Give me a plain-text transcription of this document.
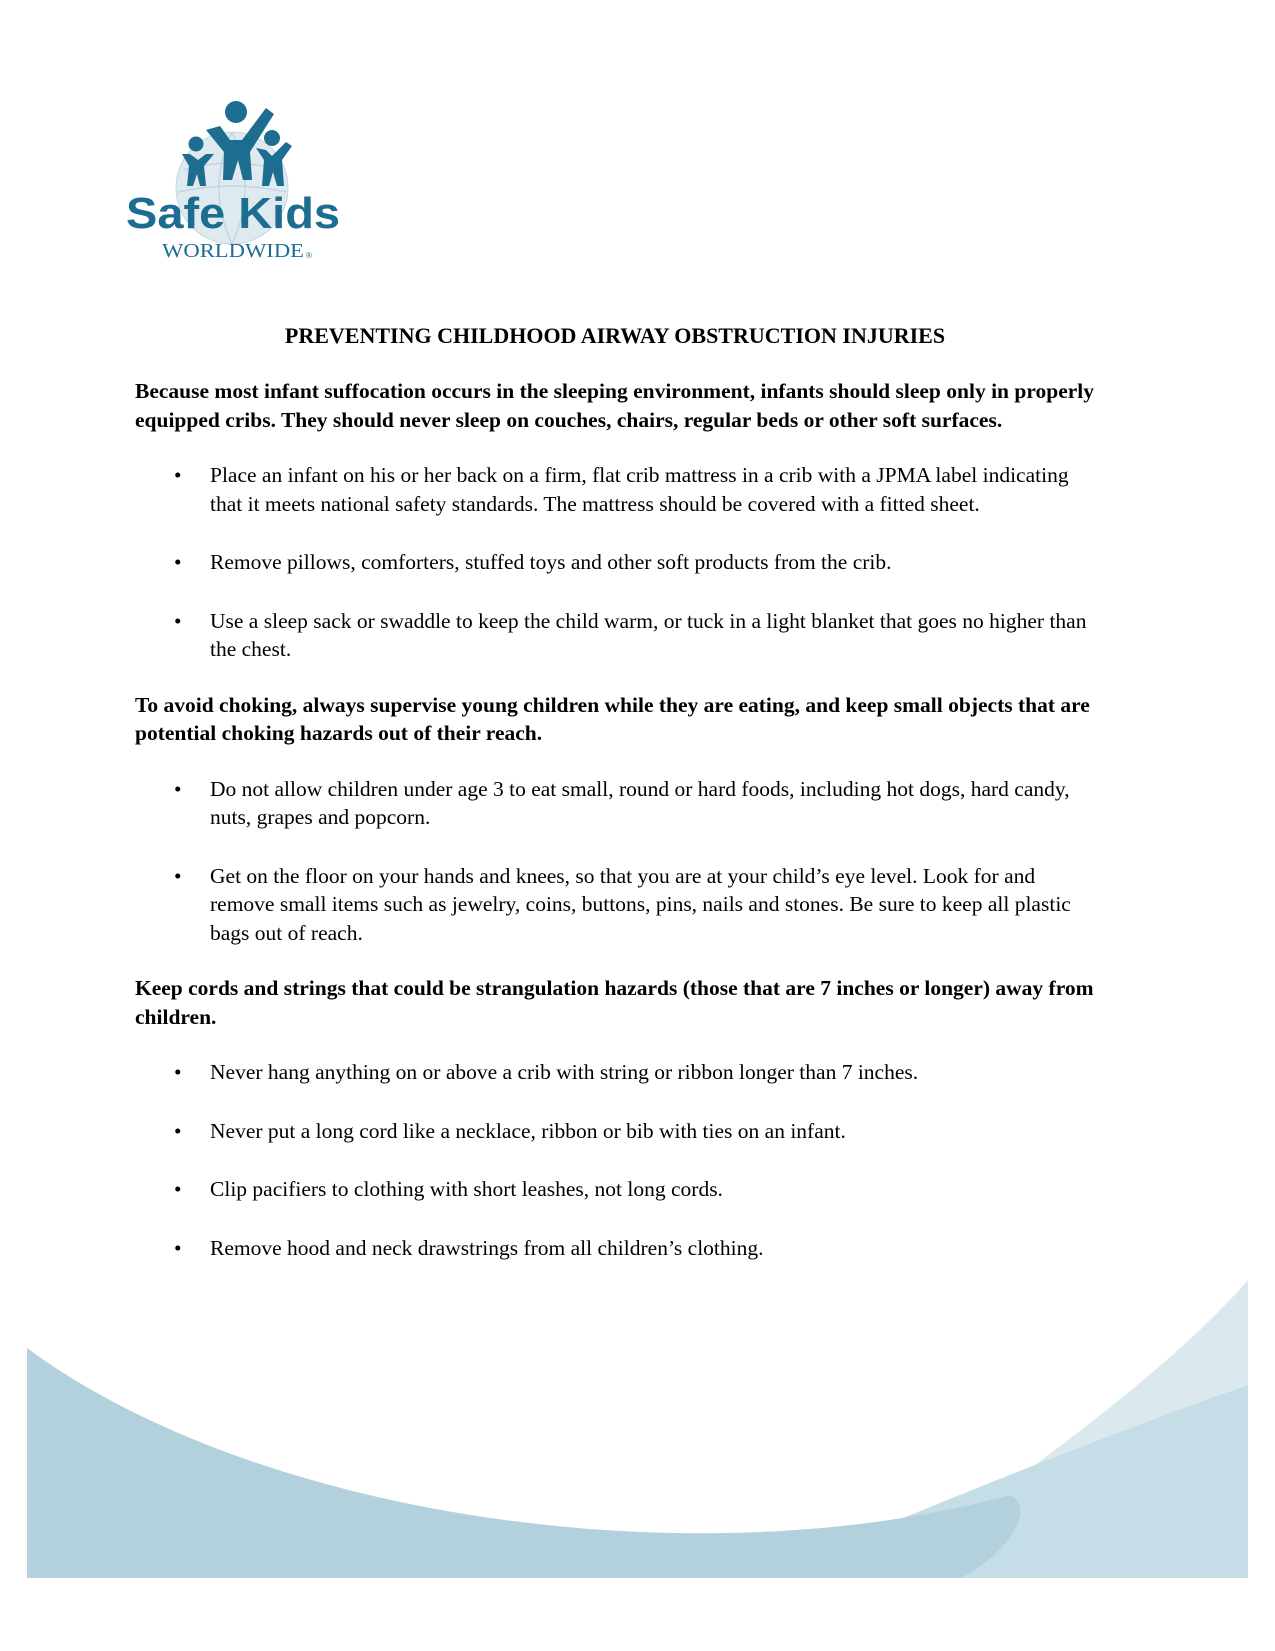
Safe Kids
WORLDWIDE ®
PREVENTING CHILDHOOD AIRWAY OBSTRUCTION INJURIES

Because most infant suffocation occurs in the sleeping environment, infants should sleep only in properly equipped cribs. They should never sleep on couches, chairs, regular beds or other soft surfaces.

• Place an infant on his or her back on a firm, flat crib mattress in a crib with a JPMA label indicating that it meets national safety standards. The mattress should be covered with a fitted sheet.
• Remove pillows, comforters, stuffed toys and other soft products from the crib.
• Use a sleep sack or swaddle to keep the child warm, or tuck in a light blanket that goes no higher than the chest.

To avoid choking, always supervise young children while they are eating, and keep small objects that are potential choking hazards out of their reach.

• Do not allow children under age 3 to eat small, round or hard foods, including hot dogs, hard candy, nuts, grapes and popcorn.
• Get on the floor on your hands and knees, so that you are at your child’s eye level. Look for and remove small items such as jewelry, coins, buttons, pins, nails and stones. Be sure to keep all plastic bags out of reach.

Keep cords and strings that could be strangulation hazards (those that are 7 inches or longer) away from children.

• Never hang anything on or above a crib with string or ribbon longer than 7 inches.
• Never put a long cord like a necklace, ribbon or bib with ties on an infant.
• Clip pacifiers to clothing with short leashes, not long cords.
• Remove hood and neck drawstrings from all children’s clothing.
